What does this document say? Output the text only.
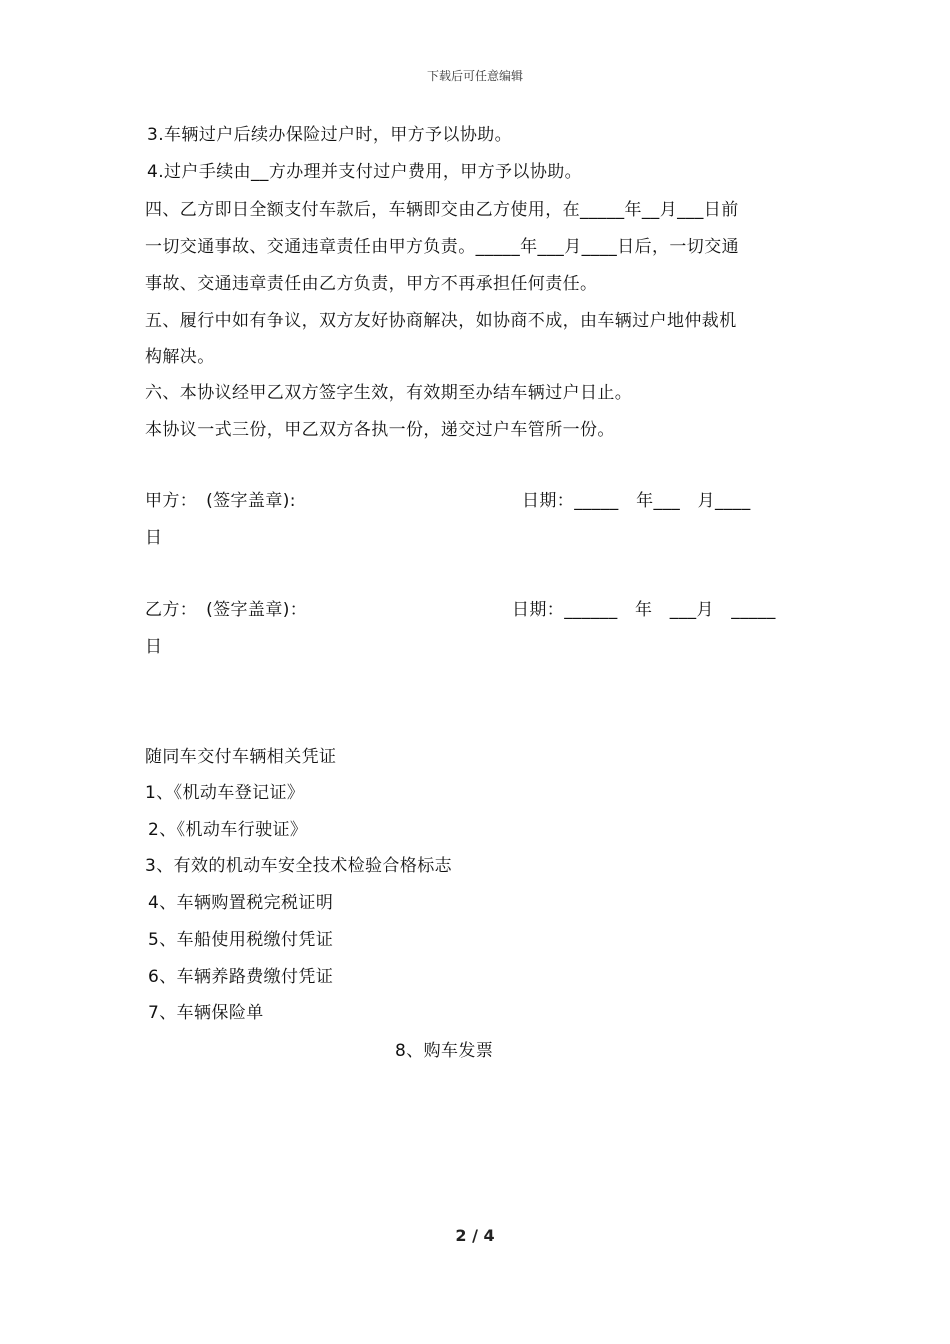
下载后可任意编辑
3.车辆过户后续办保险过户时，甲方予以协助。
4.过户手续由__方办理并支付过户费用，甲方予以协助。
四、乙方即日全额支付车款后，车辆即交由乙方使用，在_____年__月___日前
一切交通事故、交通违章责任由甲方负责。_____年___月____日后，一切交通
事故、交通违章责任由乙方负责，甲方不再承担任何责任。
五、履行中如有争议，双方友好协商解决，如协商不成，由车辆过户地仲裁机
构解决。
六、本协议经甲乙双方签字生效，有效期至办结车辆过户日止。
本协议一式三份，甲乙双方各执一份，递交过户车管所一份。
甲方：　(签字盖章):	日期：_____　年___　月____
日
乙方：　(签字盖章)：	日期：______　年　___月　_____
日
随同车交付车辆相关凭证
1、《机动车登记证》
2、《机动车行驶证》
3、有效的机动车安全技术检验合格标志
4、车辆购置税完税证明
5、车船使用税缴付凭证
6、车辆养路费缴付凭证
7、车辆保险单
8、购车发票
2 / 4
